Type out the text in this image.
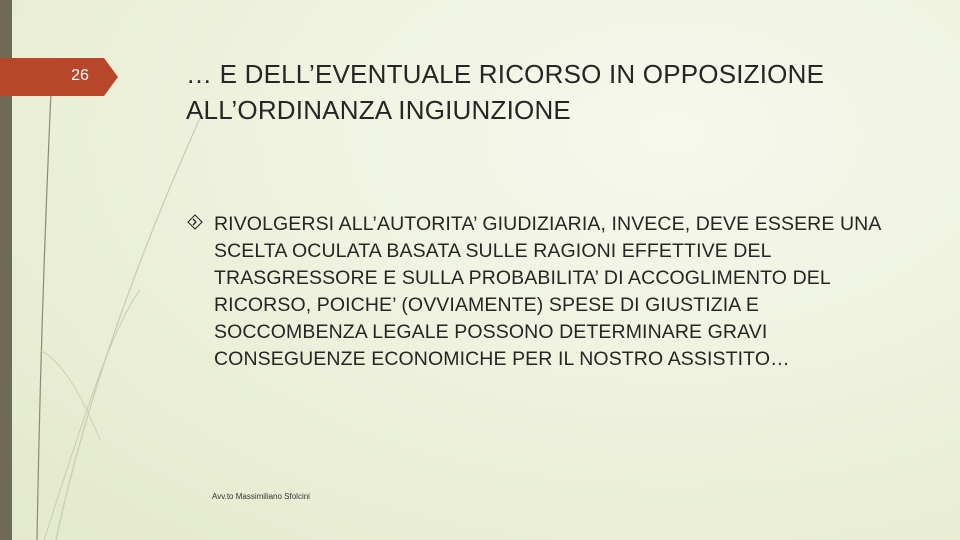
26	… E DELL’EVENTUALE RICORSO IN OPPOSIZIONE ALL’ORDINANZA INGIUNZIONE
RIVOLGERSI ALL’AUTORITA’ GIUDIZIARIA, INVECE, DEVE ESSERE UNA SCELTA OCULATA BASATA SULLE RAGIONI EFFETTIVE DEL TRASGRESSORE E SULLA PROBABILITA’ DI ACCOGLIMENTO DEL RICORSO, POICHE’ (OVVIAMENTE) SPESE DI GIUSTIZIA E SOCCOMBENZA LEGALE POSSONO DETERMINARE GRAVI CONSEGUENZE ECONOMICHE PER IL NOSTRO ASSISTITO…
Avv.to Massimiliano Sfolcini
